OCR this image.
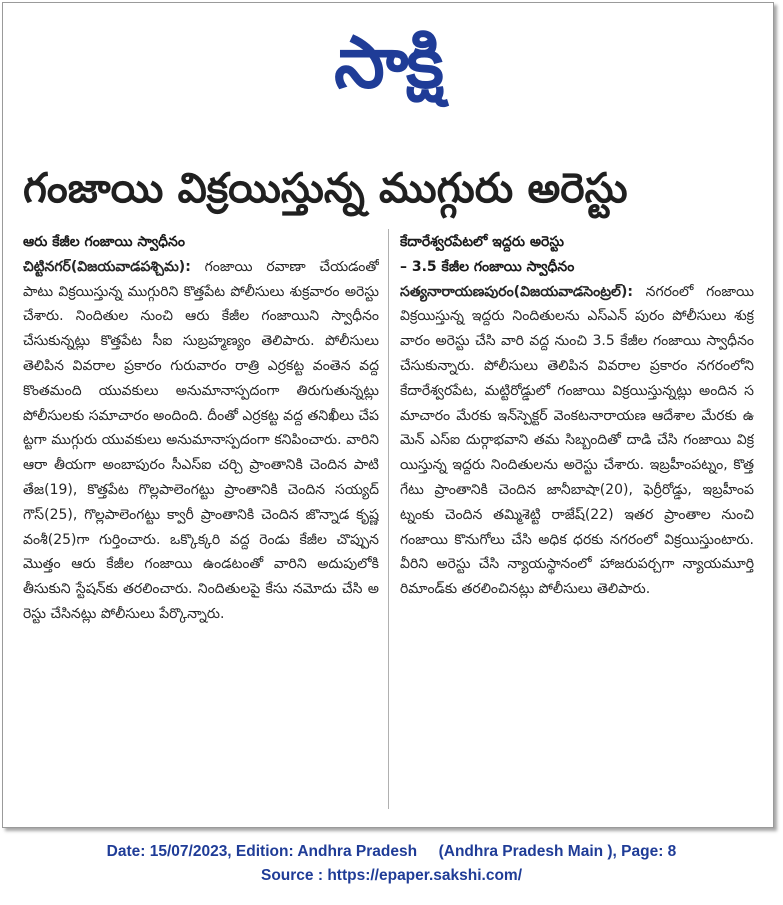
సాక్షి
గంజాయి విక్రయిస్తున్న ముగ్గురు అరెస్టు
ఆరు కేజీల గంజాయి స్వాధీనం
చిట్టినగర్(విజయవాడపశ్చిమ): గంజాయి రవాణా చేయడంతో పాటు విక్రయిస్తున్న ముగ్గురిని కొత్తపేట పోలీసులు శుక్రవారం అరెస్టు చేశారు. నిందితుల నుంచి ఆరు కేజీల గంజాయిని స్వాధీనం చేసుకున్నట్లు కొత్తపేట సీఐ సుబ్రహ్మణ్యం తెలిపారు. పోలీసులు తెలిపిన వివరాల ప్రకారం గురువారం రాత్రి ఎర్రకట్ట వంతెన వద్ద కొంతమంది యువకులు అనుమానాస్పదంగా తిరుగుతున్నట్లు పోలీసులకు సమాచారం అందింది. దీంతో ఎర్రకట్ట వద్ద తనిఖీలు చేపట్టగా ముగ్గురు యువకులు అనుమానాస్పదంగా కనిపించారు. వారిని ఆరా తీయగా అంబాపురం సీఎస్ఐ చర్చి ప్రాంతానికి చెందిన పాటి తేజ(19), కొత్తపేట గొల్లపాలెంగట్టు ప్రాంతానికి చెందిన సయ్యద్ గౌస్(25), గొల్లపాలెంగట్టు క్వారీ ప్రాంతానికి చెందిన జొన్నాడ కృష్ణవంశీ(25)గా గుర్తించారు. ఒక్కొక్కరి వద్ద రెండు కేజీల చొప్పున మొత్తం ఆరు కేజీల గంజాయి ఉండటంతో వారిని అదుపులోకి తీసుకుని స్టేషన్‌కు తరలించారు. నిందితులపై కేసు నమోదు చేసి అరెస్టు చేసినట్లు పోలీసులు పేర్కొన్నారు.
కేదారేశ్వరపేటలో ఇద్దరు అరెస్టు
– 3.5 కేజీల గంజాయి స్వాధీనం
సత్యనారాయణపురం(విజయవాడసెంట్రల్): నగరంలో గంజాయి విక్రయిస్తున్న ఇద్దరు నిందితులను ఎస్ఎన్ పురం పోలీసులు శుక్రవారం అరెస్టు చేసి వారి వద్ద నుంచి 3.5 కేజీల గంజాయి స్వాధీనం చేసుకున్నారు. పోలీసులు తెలిపిన వివరాల ప్రకారం నగరంలోని కేదారేశ్వరపేట, మట్టిరోడ్డులో గంజాయి విక్రయిస్తున్నట్లు అందిన సమాచారం మేరకు ఇన్‌స్పెక్టర్ వెంకటనారాయణ ఆదేశాల మేరకు ఉమెన్ ఎస్ఐ దుర్గాభవాని తమ సిబ్బందితో దాడి చేసి గంజాయి విక్రయిస్తున్న ఇద్దరు నిందితులను అరెస్టు చేశారు. ఇబ్రహీంపట్నం, కొత్తగేటు ప్రాంతానికి చెందిన జానీబాషా(20), ఫెర్రీరోడ్డు, ఇబ్రహీంపట్నంకు చెందిన తమ్మిశెట్టి రాజేష్(22) ఇతర ప్రాంతాల నుంచి గంజాయి కొనుగోలు చేసి అధిక ధరకు నగరంలో విక్రయిస్తుంటారు. వీరిని అరెస్టు చేసి న్యాయస్థానంలో హాజరుపర్చగా న్యాయమూర్తి రిమాండ్‌కు తరలించినట్లు పోలీసులు తెలిపారు.
Date: 15/07/2023, Edition: Andhra Pradesh     (Andhra Pradesh Main ), Page: 8
Source : https://epaper.sakshi.com/
